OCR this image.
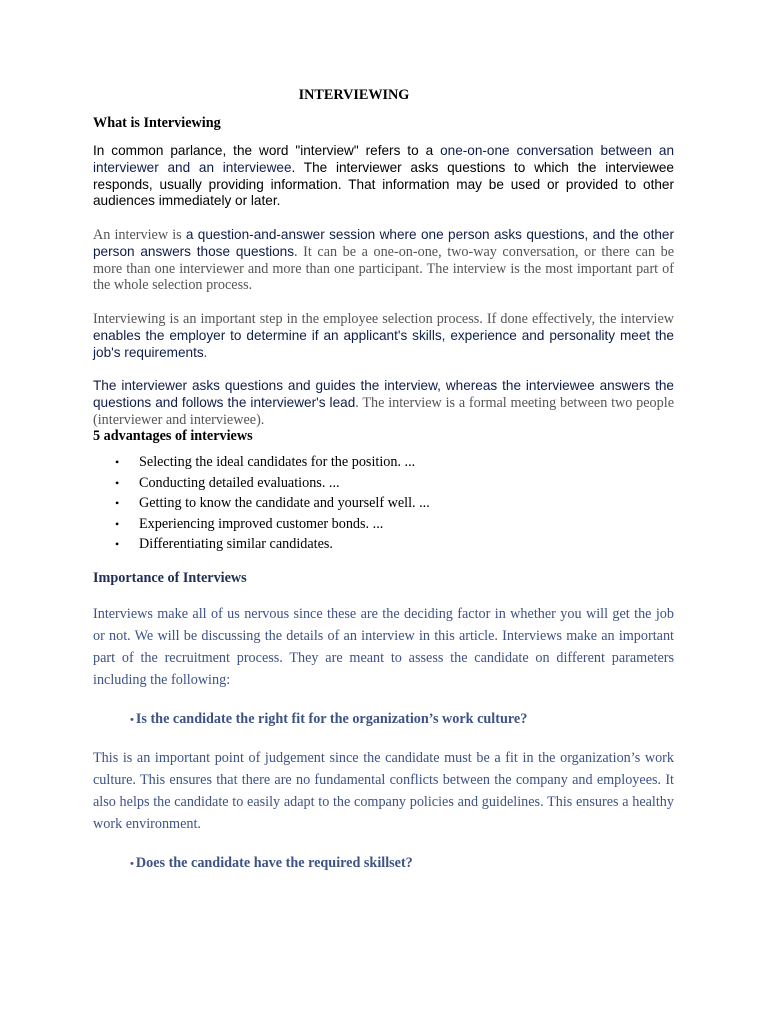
INTERVIEWING
What is Interviewing
In common parlance, the word "interview" refers to a one-on-one conversation between an interviewer and an interviewee. The interviewer asks questions to which the interviewee responds, usually providing information. That information may be used or provided to other audiences immediately or later.
An interview is a question-and-answer session where one person asks questions, and the other person answers those questions. It can be a one-on-one, two-way conversation, or there can be more than one interviewer and more than one participant. The interview is the most important part of the whole selection process.
Interviewing is an important step in the employee selection process. If done effectively, the interview enables the employer to determine if an applicant's skills, experience and personality meet the job's requirements.
The interviewer asks questions and guides the interview, whereas the interviewee answers the questions and follows the interviewer's lead. The interview is a formal meeting between two people (interviewer and interviewee).
5 advantages of interviews
• Selecting the ideal candidates for the position. ...
• Conducting detailed evaluations. ...
• Getting to know the candidate and yourself well. ...
• Experiencing improved customer bonds. ...
• Differentiating similar candidates.
Importance of Interviews
Interviews make all of us nervous since these are the deciding factor in whether you will get the job or not. We will be discussing the details of an interview in this article. Interviews make an important part of the recruitment process. They are meant to assess the candidate on different parameters including the following:
• Is the candidate the right fit for the organization’s work culture?
This is an important point of judgement since the candidate must be a fit in the organization’s work culture. This ensures that there are no fundamental conflicts between the company and employees. It also helps the candidate to easily adapt to the company policies and guidelines. This ensures a healthy work environment.
• Does the candidate have the required skillset?
